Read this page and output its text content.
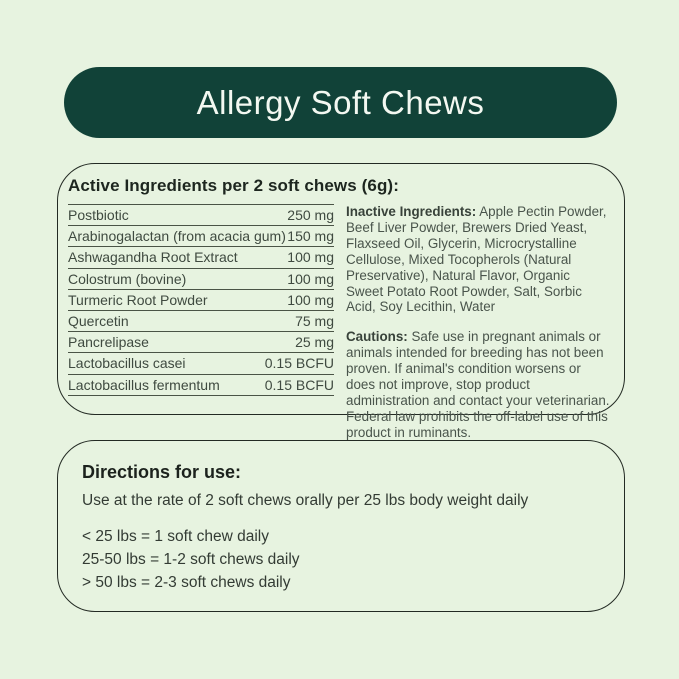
Allergy Soft Chews
Active Ingredients per 2 soft chews (6g):
Postbiotic	250 mg
Arabinogalactan (from acacia gum) 150 mg
Ashwagandha Root Extract	100 mg
Colostrum (bovine)	100 mg
Turmeric Root Powder	100 mg
Quercetin	75 mg
Pancrelipase	25 mg
Lactobacillus casei	0.15 BCFU
Lactobacillus fermentum	0.15 BCFU

Inactive Ingredients: Apple Pectin Powder, Beef Liver Powder, Brewers Dried Yeast, Flaxseed Oil, Glycerin, Microcrystalline Cellulose, Mixed Tocopherols (Natural Preservative), Natural Flavor, Organic Sweet Potato Root Powder, Salt, Sorbic Acid, Soy Lecithin, Water

Cautions: Safe use in pregnant animals or animals intended for breeding has not been proven. If animal's condition worsens or does not improve, stop product administration and contact your veterinarian. Federal law prohibits the off-label use of this product in ruminants.

Directions for use:
Use at the rate of 2 soft chews orally per 25 lbs body weight daily
< 25 lbs = 1 soft chew daily
25-50 lbs = 1-2 soft chews daily
> 50 lbs = 2-3 soft chews daily
